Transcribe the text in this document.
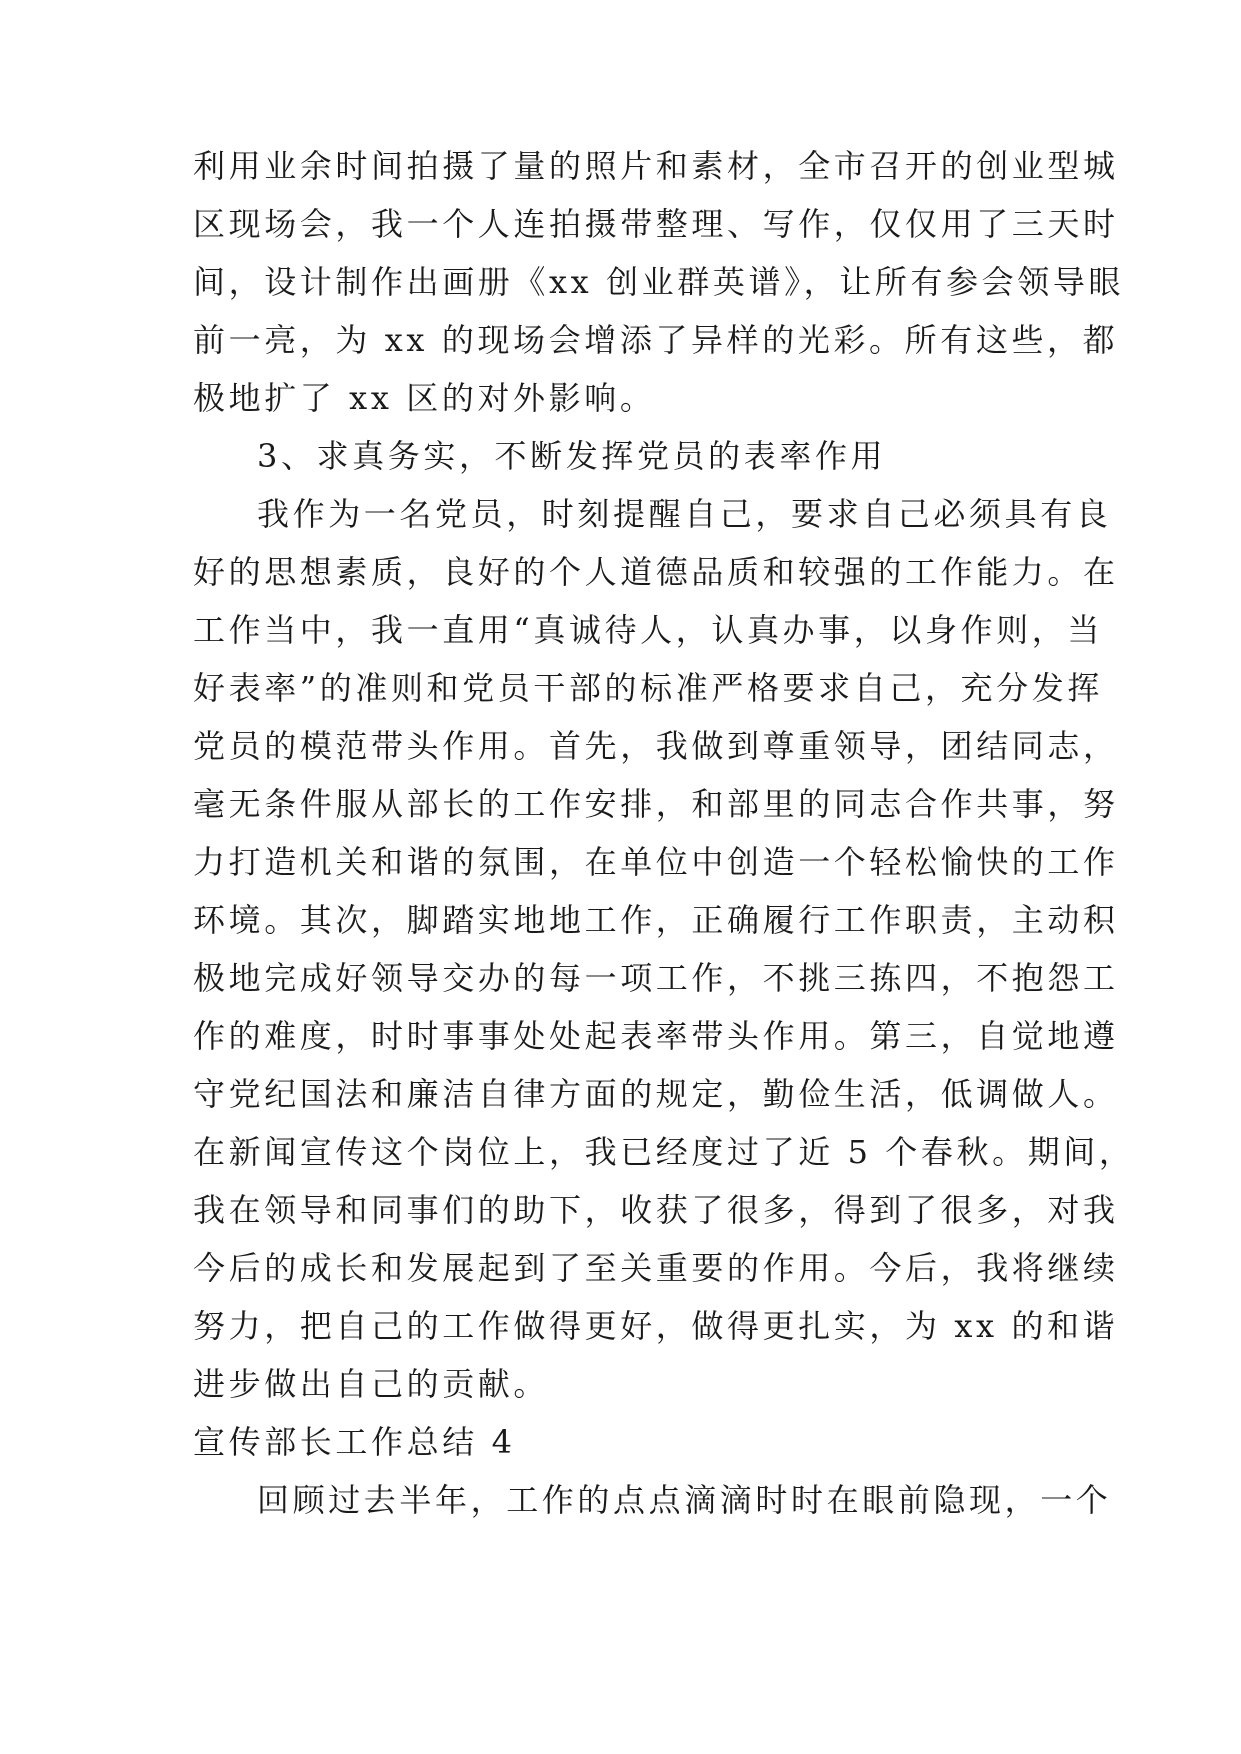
利用业余时间拍摄了量的照片和素材，全市召开的创业型城

区现场会，我一个人连拍摄带整理、写作，仅仅用了三天时

间，设计制作出画册《xx 创业群英谱》，让所有参会领导眼

前一亮，为 xx 的现场会增添了异样的光彩。所有这些，都

极地扩了 xx 区的对外影响。

3、求真务实，不断发挥党员的表率作用

我作为一名党员，时刻提醒自己，要求自己必须具有良

好的思想素质，良好的个人道德品质和较强的工作能力。在

工作当中，我一直用“真诚待人，认真办事，以身作则，当

好表率”的准则和党员干部的标准严格要求自己，充分发挥

党员的模范带头作用。首先，我做到尊重领导，团结同志，

毫无条件服从部长的工作安排，和部里的同志合作共事，努

力打造机关和谐的氛围，在单位中创造一个轻松愉快的工作

环境。其次，脚踏实地地工作，正确履行工作职责，主动积

极地完成好领导交办的每一项工作，不挑三拣四，不抱怨工

作的难度，时时事事处处起表率带头作用。第三，自觉地遵

守党纪国法和廉洁自律方面的规定，勤俭生活，低调做人。

在新闻宣传这个岗位上，我已经度过了近 5 个春秋。期间，

我在领导和同事们的助下，收获了很多，得到了很多，对我

今后的成长和发展起到了至关重要的作用。今后，我将继续

努力，把自己的工作做得更好，做得更扎实，为 xx 的和谐

进步做出自己的贡献。

宣传部长工作总结 4

回顾过去半年，工作的点点滴滴时时在眼前隐现，一个
